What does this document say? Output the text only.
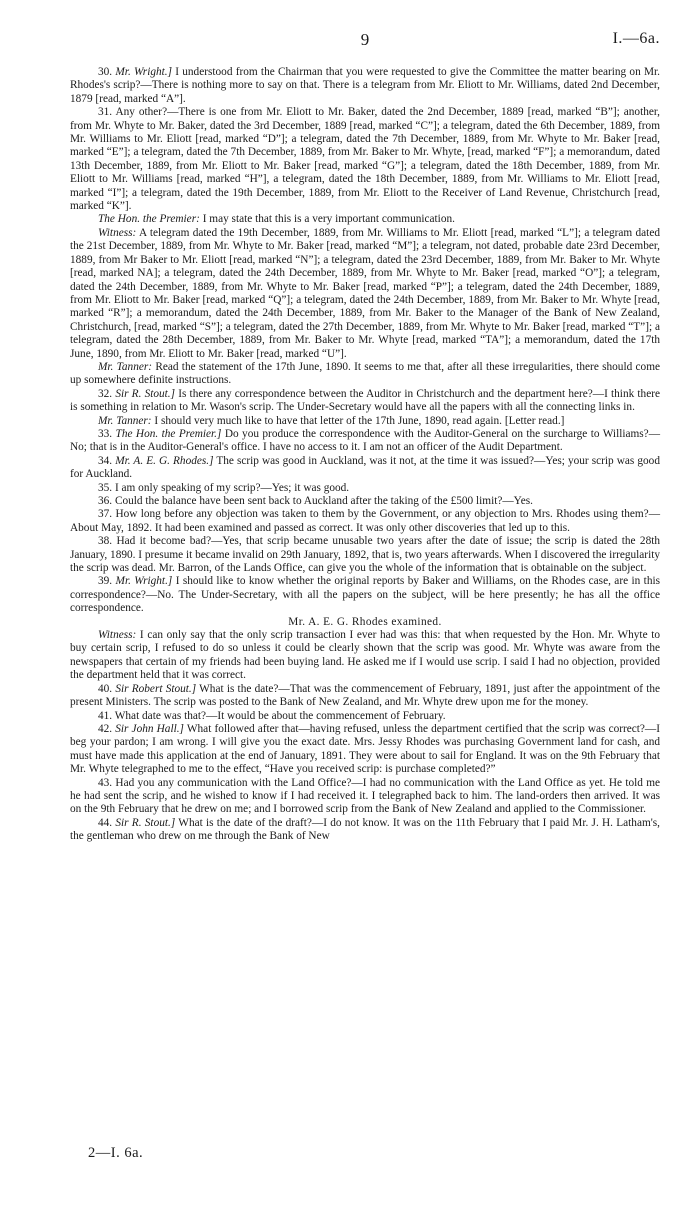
9	I.—6a.

30. Mr. Wright.] I understood from the Chairman that you were requested to give the Committee the matter bearing on Mr. Rhodes's scrip?—There is nothing more to say on that. There is a telegram from Mr. Eliott to Mr. Williams, dated 2nd December, 1879 [read, marked “A”].

31. Any other?—There is one from Mr. Eliott to Mr. Baker, dated the 2nd December, 1889 [read, marked “B”]; another, from Mr. Whyte to Mr. Baker, dated the 3rd December, 1889 [read, marked “C”]; a telegram, dated the 6th December, 1889, from Mr. Williams to Mr. Eliott [read, marked “D”]; a telegram, dated the 7th December, 1889, from Mr. Whyte to Mr. Baker [read, marked “E”]; a telegram, dated the 7th December, 1889, from Mr. Baker to Mr. Whyte, [read, marked “F”]; a memorandum, dated 13th December, 1889, from Mr. Eliott to Mr. Baker [read, marked “G”]; a telegram, dated the 18th December, 1889, from Mr. Eliott to Mr. Williams [read, marked “H”], a telegram, dated the 18th December, 1889, from Mr. Williams to Mr. Eliott [read, marked “I”]; a telegram, dated the 19th December, 1889, from Mr. Eliott to the Receiver of Land Revenue, Christchurch [read, marked “K”].

The Hon. the Premier: I may state that this is a very important communication.

Witness: A telegram dated the 19th December, 1889, from Mr. Williams to Mr. Eliott [read, marked “L”]; a telegram dated the 21st December, 1889, from Mr. Whyte to Mr. Baker [read, marked “M”]; a telegram, not dated, probable date 23rd December, 1889, from Mr Baker to Mr. Eliott [read, marked “N”]; a telegram, dated the 23rd December, 1889, from Mr. Baker to Mr. Whyte [read, marked NA]; a telegram, dated the 24th December, 1889, from Mr. Whyte to Mr. Baker [read, marked “O”]; a telegram, dated the 24th December, 1889, from Mr. Whyte to Mr. Baker [read, marked “P”]; a telegram, dated the 24th December, 1889, from Mr. Eliott to Mr. Baker [read, marked “Q”]; a telegram, dated the 24th December, 1889, from Mr. Baker to Mr. Whyte [read, marked “R”]; a memorandum, dated the 24th December, 1889, from Mr. Baker to the Manager of the Bank of New Zealand, Christchurch, [read, marked “S”]; a telegram, dated the 27th December, 1889, from Mr. Whyte to Mr. Baker [read, marked “T”]; a telegram, dated the 28th December, 1889, from Mr. Baker to Mr. Whyte [read, marked “TA”]; a memorandum, dated the 17th June, 1890, from Mr. Eliott to Mr. Baker [read, marked “U”].

Mr. Tanner: Read the statement of the 17th June, 1890. It seems to me that, after all these irregularities, there should come up somewhere definite instructions.

32. Sir R. Stout.] Is there any correspondence between the Auditor in Christchurch and the department here?—I think there is something in relation to Mr. Wason's scrip. The Under-Secretary would have all the papers with all the connecting links in.

Mr. Tanner: I should very much like to have that letter of the 17th June, 1890, read again. [Letter read.]

33. The Hon. the Premier.] Do you produce the correspondence with the Auditor-General on the surcharge to Williams?—No; that is in the Auditor-General's office. I have no access to it. I am not an officer of the Audit Department.

34. Mr. A. E. G. Rhodes.] The scrip was good in Auckland, was it not, at the time it was issued?—Yes; your scrip was good for Auckland.

35. I am only speaking of my scrip?—Yes; it was good.

36. Could the balance have been sent back to Auckland after the taking of the £500 limit?—Yes.

37. How long before any objection was taken to them by the Government, or any objection to Mrs. Rhodes using them?—About May, 1892. It had been examined and passed as correct. It was only other discoveries that led up to this.

38. Had it become bad?—Yes, that scrip became unusable two years after the date of issue; the scrip is dated the 28th January, 1890. I presume it became invalid on 29th January, 1892, that is, two years afterwards. When I discovered the irregularity the scrip was dead. Mr. Barron, of the Lands Office, can give you the whole of the information that is obtainable on the subject.

39. Mr. Wright.] I should like to know whether the original reports by Baker and Williams, on the Rhodes case, are in this correspondence?—No. The Under-Secretary, with all the papers on the subject, will be here presently; he has all the office correspondence.

Mr. A. E. G. Rhodes examined.

Witness: I can only say that the only scrip transaction I ever had was this: that when requested by the Hon. Mr. Whyte to buy certain scrip, I refused to do so unless it could be clearly shown that the scrip was good. Mr. Whyte was aware from the newspapers that certain of my friends had been buying land. He asked me if I would use scrip. I said I had no objection, provided the department held that it was correct.

40. Sir Robert Stout.] What is the date?—That was the commencement of February, 1891, just after the appointment of the present Ministers. The scrip was posted to the Bank of New Zealand, and Mr. Whyte drew upon me for the money.

41. What date was that?—It would be about the commencement of February.

42. Sir John Hall.] What followed after that—having refused, unless the department certified that the scrip was correct?—I beg your pardon; I am wrong. I will give you the exact date. Mrs. Jessy Rhodes was purchasing Government land for cash, and must have made this application at the end of January, 1891. They were about to sail for England. It was on the 9th February that Mr. Whyte telegraphed to me to the effect, “Have you received scrip: is purchase completed?”

43. Had you any communication with the Land Office?—I had no communication with the Land Office as yet. He told me he had sent the scrip, and he wished to know if I had received it. I telegraphed back to him. The land-orders then arrived. It was on the 9th February that he drew on me; and I borrowed scrip from the Bank of New Zealand and applied to the Commissioner.

44. Sir R. Stout.] What is the date of the draft?—I do not know. It was on the 11th February that I paid Mr. J. H. Latham's, the gentleman who drew on me through the Bank of New

2—I. 6a.
